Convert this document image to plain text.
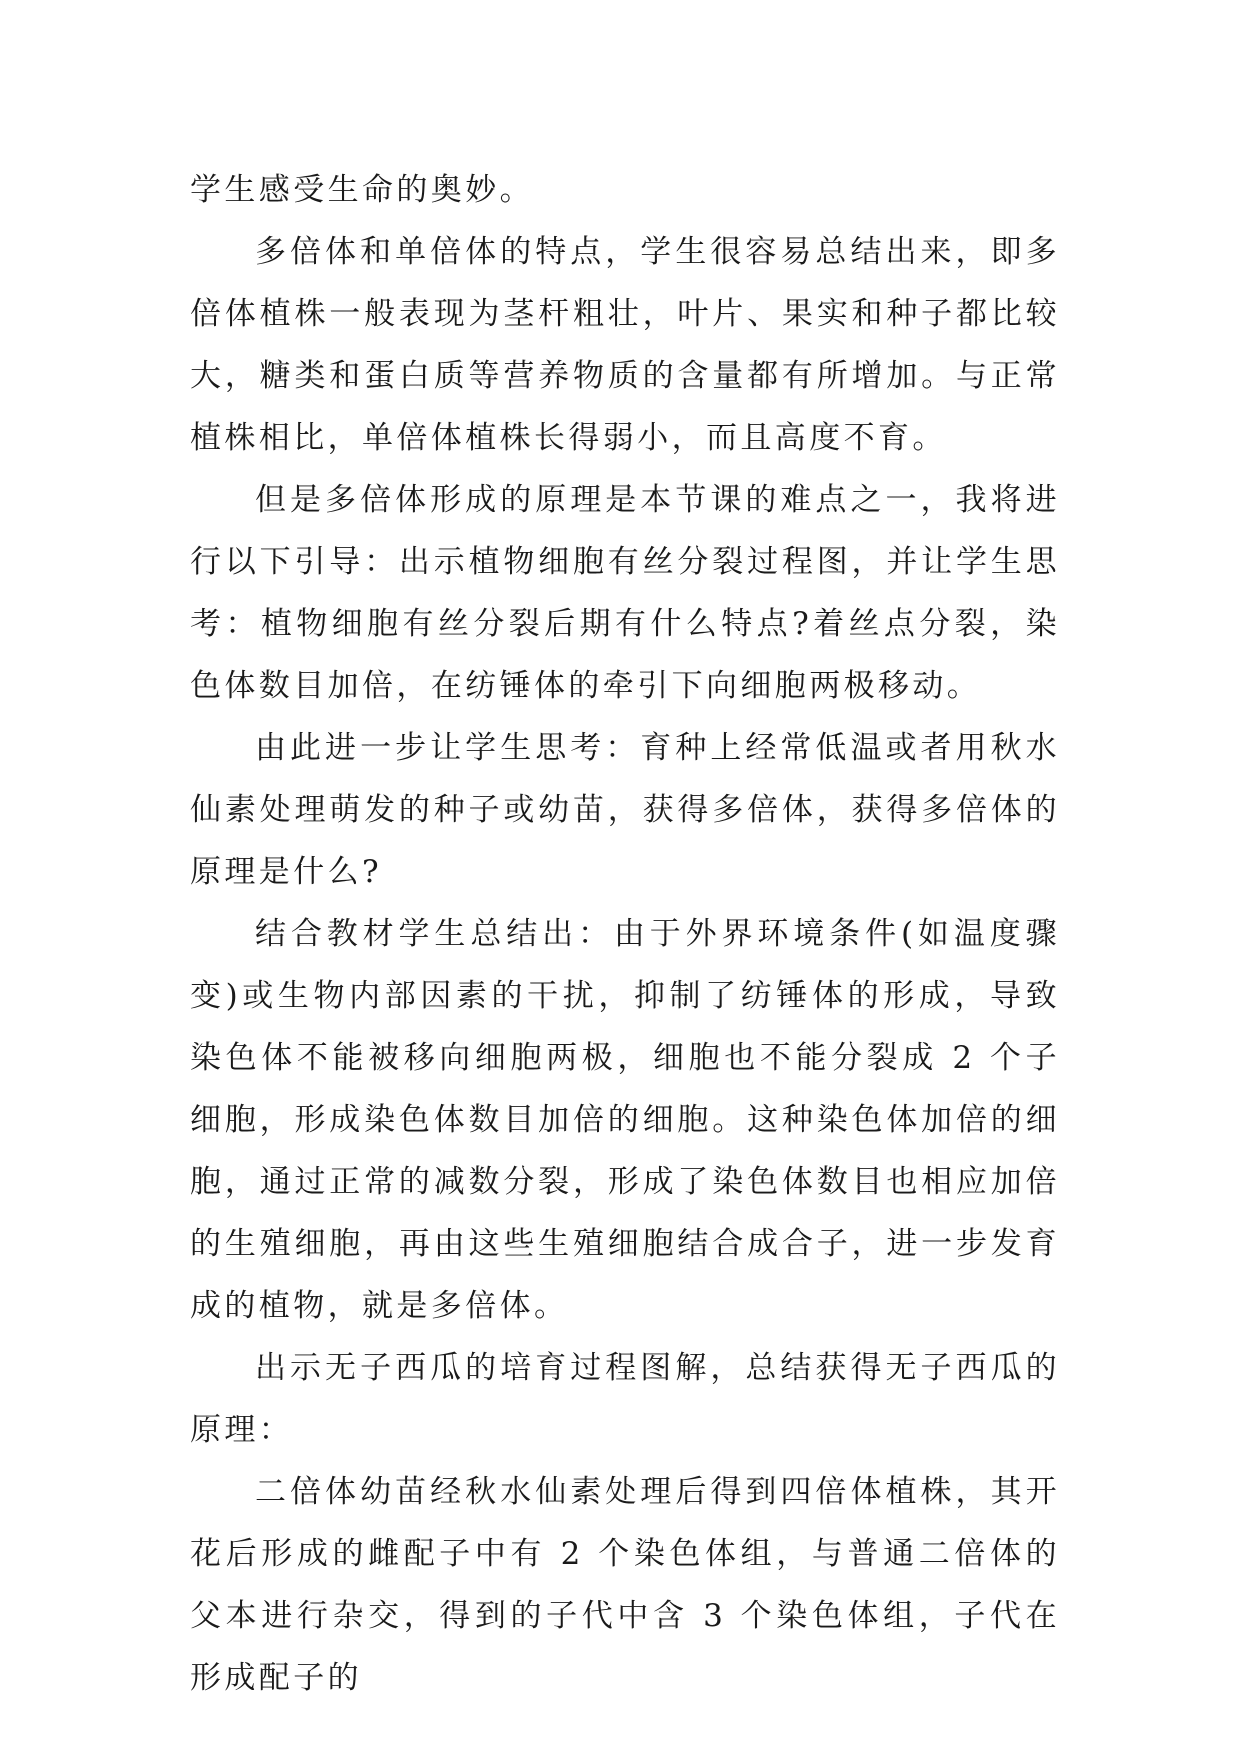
学生感受生命的奥妙。

多倍体和单倍体的特点，学生很容易总结出来，即多倍体植株一般表现为茎杆粗壮，叶片、果实和种子都比较大，糖类和蛋白质等营养物质的含量都有所增加。与正常植株相比，单倍体植株长得弱小，而且高度不育。

但是多倍体形成的原理是本节课的难点之一，我将进行以下引导：出示植物细胞有丝分裂过程图，并让学生思考：植物细胞有丝分裂后期有什么特点?着丝点分裂，染色体数目加倍，在纺锤体的牵引下向细胞两极移动。

由此进一步让学生思考：育种上经常低温或者用秋水仙素处理萌发的种子或幼苗，获得多倍体，获得多倍体的原理是什么?

结合教材学生总结出：由于外界环境条件(如温度骤变)或生物内部因素的干扰，抑制了纺锤体的形成，导致染色体不能被移向细胞两极，细胞也不能分裂成 2 个子细胞，形成染色体数目加倍的细胞。这种染色体加倍的细胞，通过正常的减数分裂，形成了染色体数目也相应加倍的生殖细胞，再由这些生殖细胞结合成合子，进一步发育成的植物，就是多倍体。

出示无子西瓜的培育过程图解，总结获得无子西瓜的原理：

二倍体幼苗经秋水仙素处理后得到四倍体植株，其开花后形成的雌配子中有 2 个染色体组，与普通二倍体的父本进行杂交，得到的子代中含 3 个染色体组，子代在形成配子的
